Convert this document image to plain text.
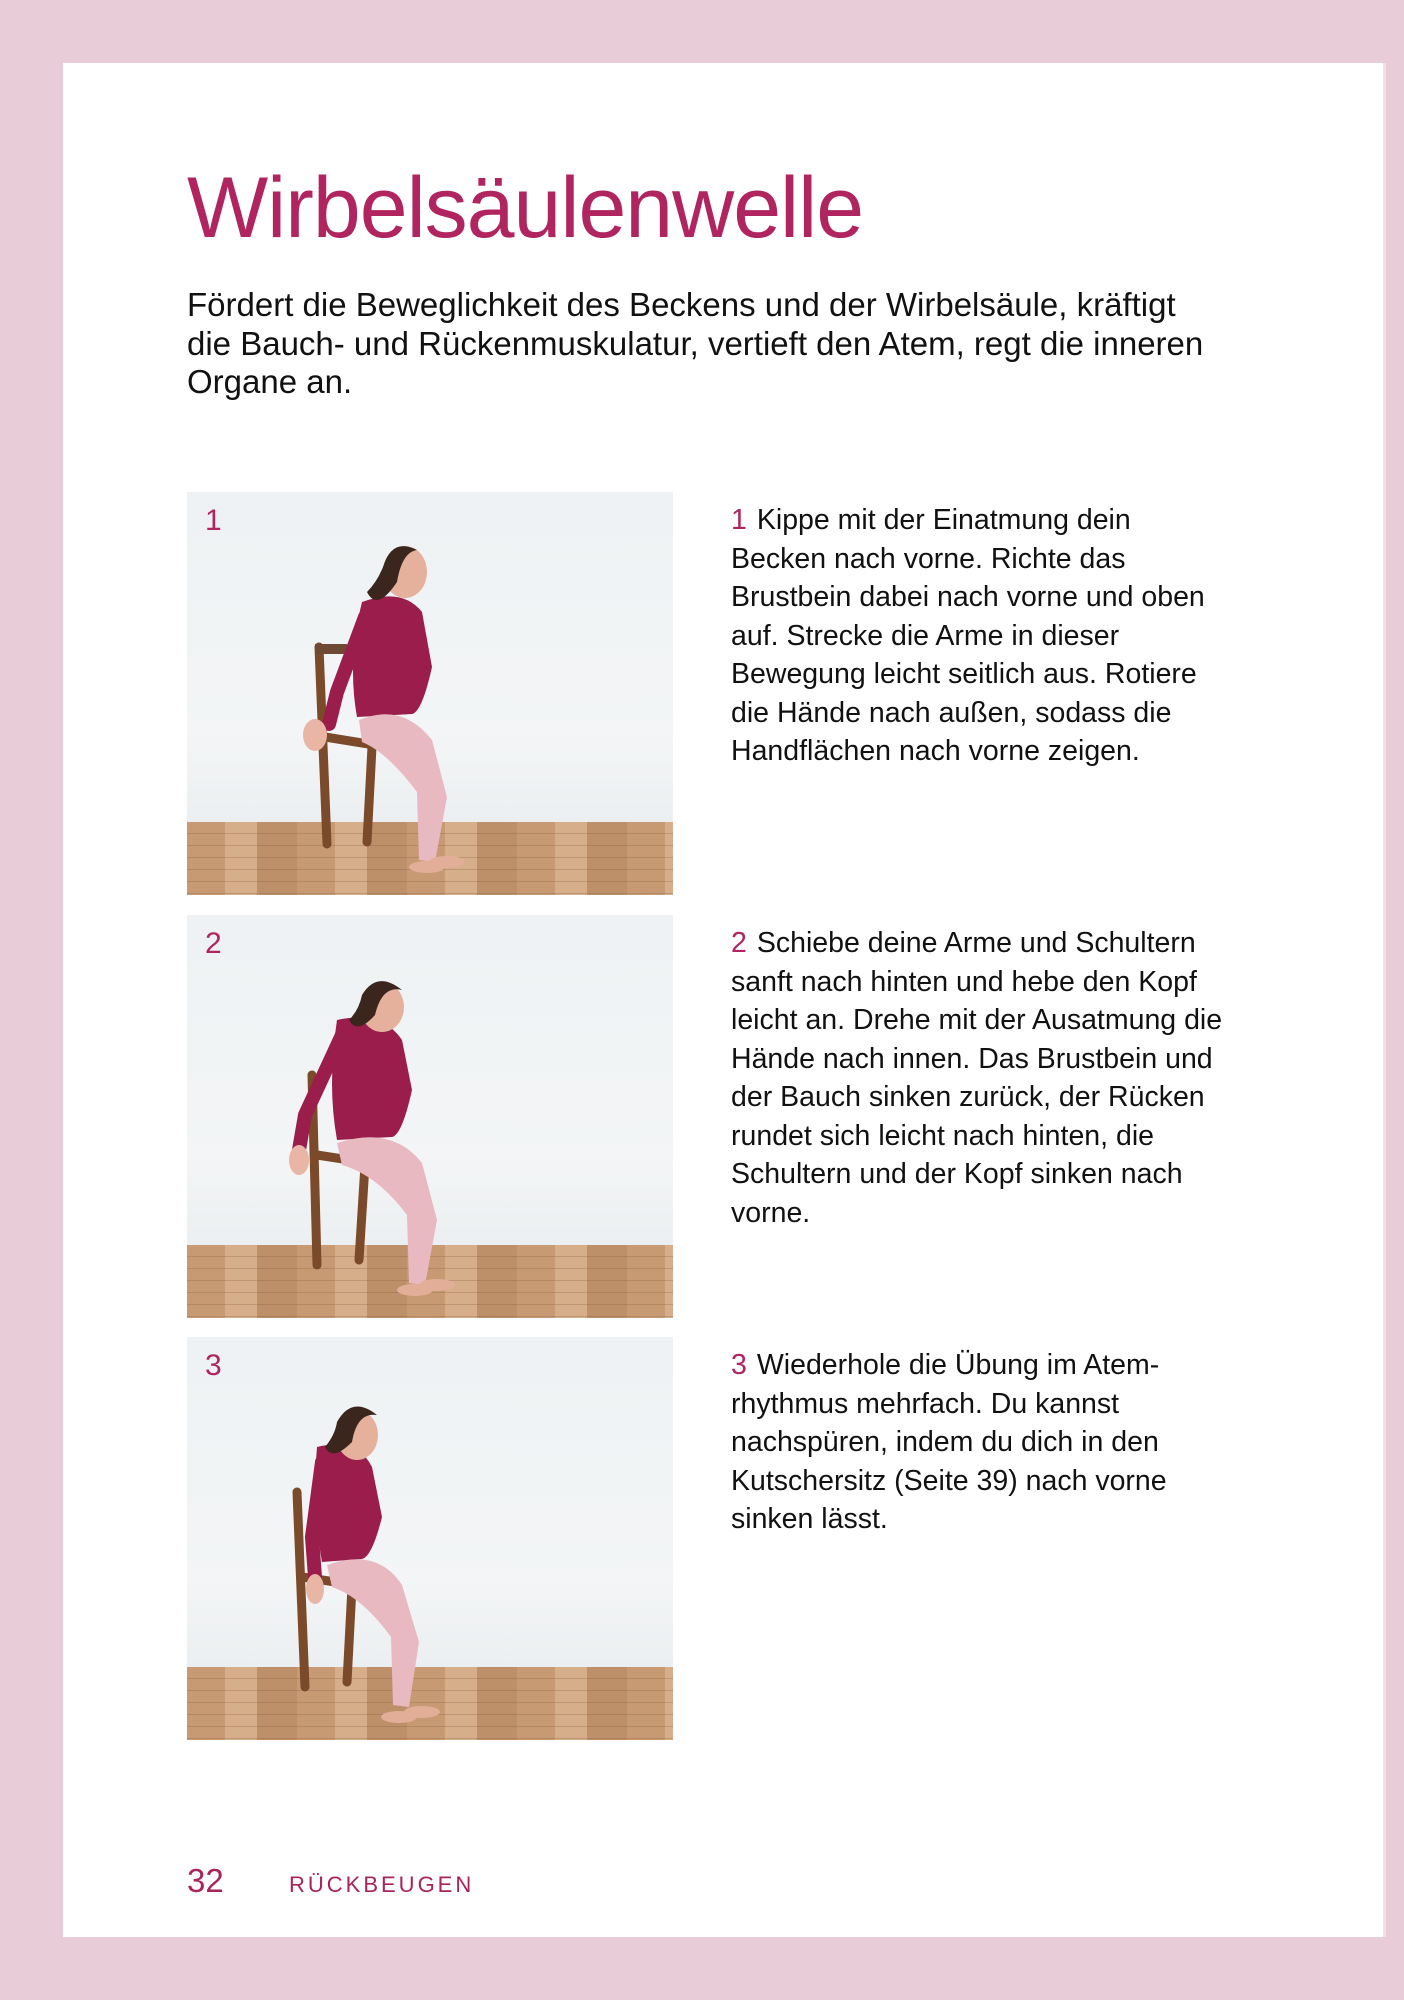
Wirbelsäulenwelle

Fördert die Beweglichkeit des Beckens und der Wirbelsäule, kräftigt die Bauch- und Rückenmuskulatur, vertieft den Atem, regt die inneren Organe an.

1
2
3
1 Kippe mit der Einatmung dein Becken nach vorne. Richte das Brustbein dabei nach vorne und oben auf. Strecke die Arme in dieser Bewegung leicht seitlich aus. Rotiere die Hände nach außen, sodass die Handflächen nach vorne zeigen.
2 Schiebe deine Arme und Schultern sanft nach hinten und hebe den Kopf leicht an. Drehe mit der Ausatmung die Hände nach innen. Das Brustbein und der Bauch sinken zurück, der Rücken rundet sich leicht nach hinten, die Schultern und der Kopf sinken nach vorne.
3 Wiederhole die Übung im Atemrhythmus mehrfach. Du kannst nachspüren, indem du dich in den Kutschersitz (Seite 39) nach vorne sinken lässt.
32	RÜCKBEUGEN
